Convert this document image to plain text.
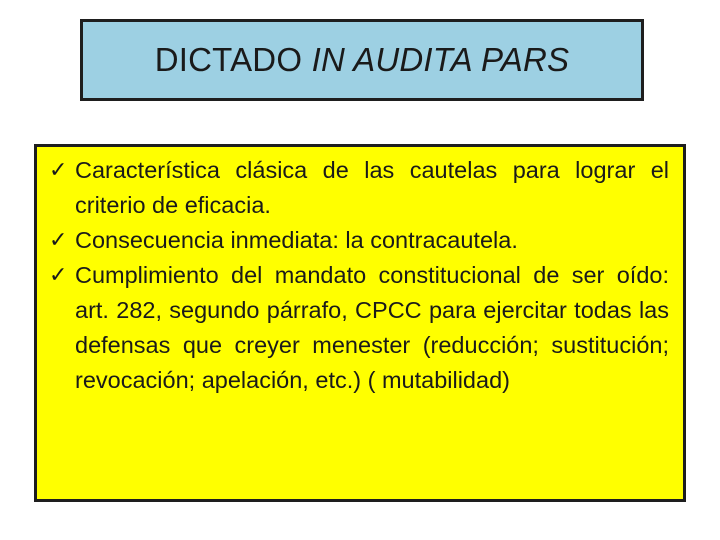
DICTADO IN AUDITA PARS
✓ Característica clásica de las cautelas para lograr el criterio de eficacia.
✓ Consecuencia inmediata: la contracautela.
✓ Cumplimiento del mandato constitucional de ser oído: art. 282, segundo párrafo, CPCC para ejercitar todas las defensas que creyer menester (reducción; sustitución; revocación; apelación, etc.) ( mutabilidad)
